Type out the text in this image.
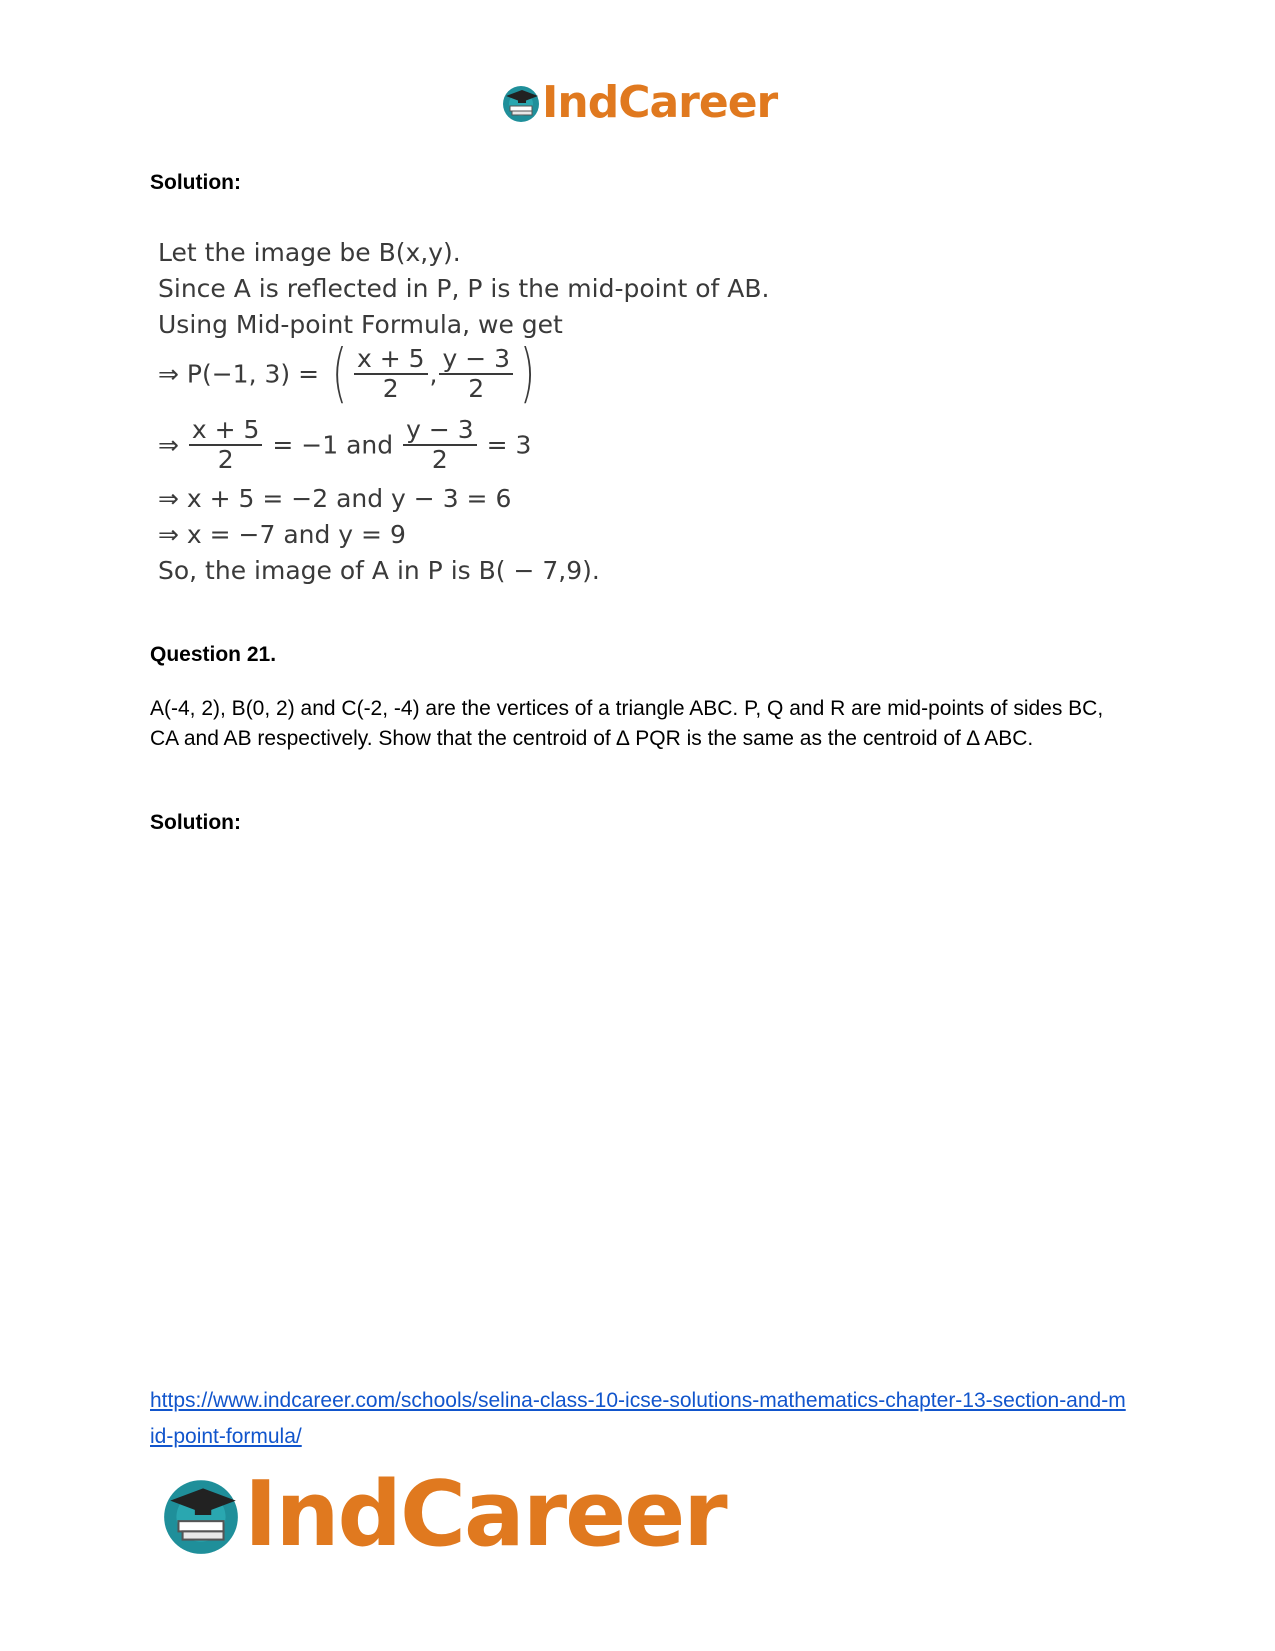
IndCareer
Solution:
Let the image be B(x,y).
Since A is reflected in P, P is the mid-point of AB.
Using Mid-point Formula, we get
⇒ P(−1, 3) = ( $\frac{x + 5}{2}$ , $\frac{y - 3}{2}$ )
⇒ $\frac{x + 5}{2} = -1$ and $\frac{y - 3}{2} = 3$
⇒ x + 5 = −2 and y − 3 = 6
⇒ x = −7 and y = 9
So, the image of A in P is B( − 7,9).
Question 21.
A(-4, 2), B(0, 2) and C(-2, -4) are the vertices of a triangle ABC. P, Q and R are mid-points of sides BC, CA and AB respectively. Show that the centroid of ∆ PQR is the same as the centroid of ∆ ABC.
Solution:
https://www.indcareer.com/schools/selina-class-10-icse-solutions-mathematics-chapter-13-section-and-mid-point-formula/
IndCareer
